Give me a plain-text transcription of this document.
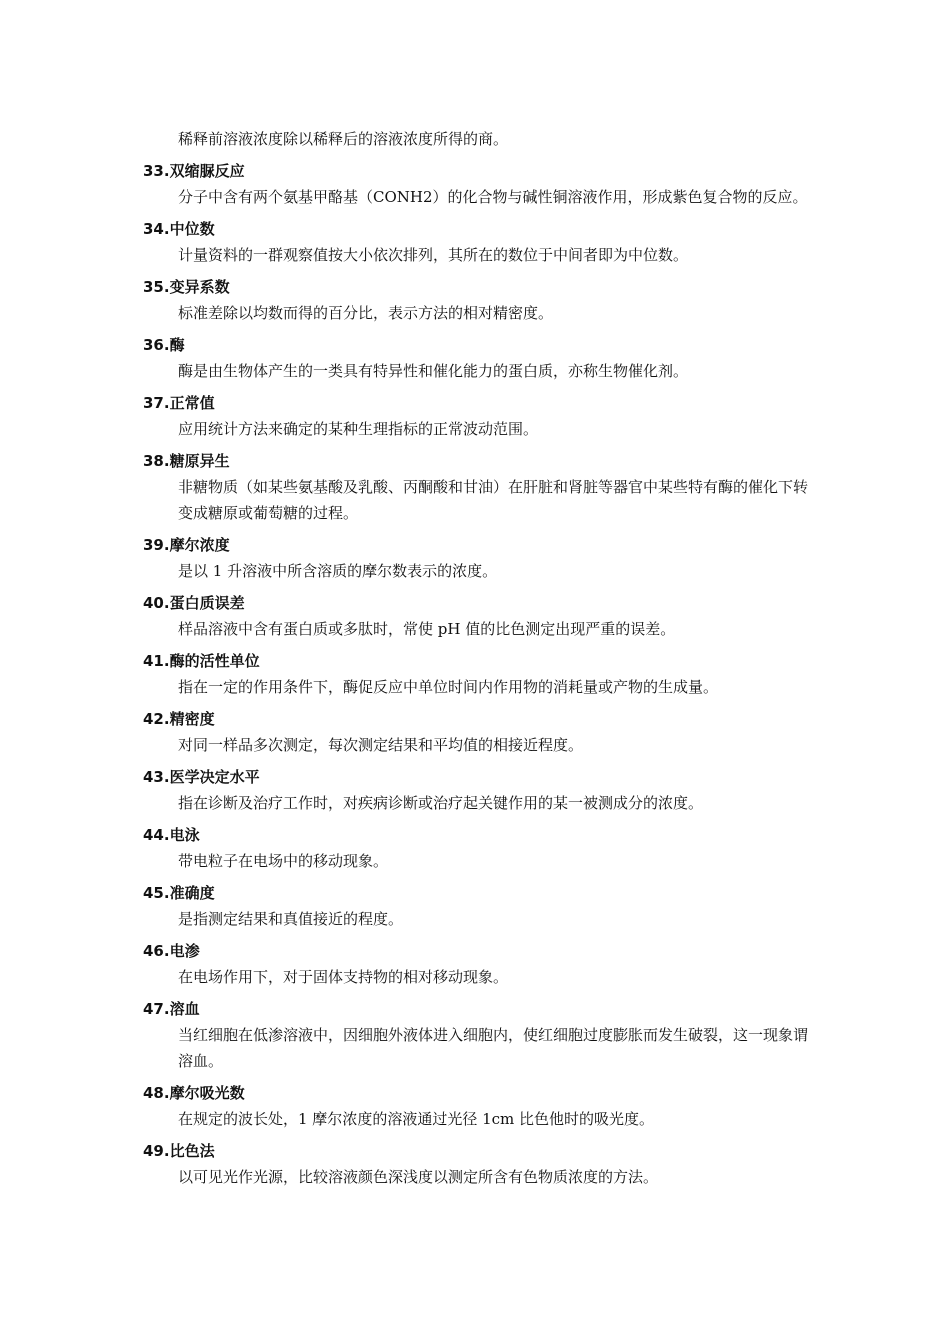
稀释前溶液浓度除以稀释后的溶液浓度所得的商。
33.双缩脲反应
分子中含有两个氨基甲酪基（CONH2）的化合物与碱性铜溶液作用，形成紫色复合物的反应。
34.中位数
计量资料的一群观察值按大小依次排列，其所在的数位于中间者即为中位数。
35.变异系数
标准差除以均数而得的百分比，表示方法的相对精密度。
36.酶
酶是由生物体产生的一类具有特异性和催化能力的蛋白质，亦称生物催化剂。
37.正常值
应用统计方法来确定的某种生理指标的正常波动范围。
38.糖原异生
非糖物质（如某些氨基酸及乳酸、丙酮酸和甘油）在肝脏和肾脏等器官中某些特有酶的催化下转变成糖原或葡萄糖的过程。
39.摩尔浓度
是以 1 升溶液中所含溶质的摩尔数表示的浓度。
40.蛋白质误差
样品溶液中含有蛋白质或多肽时，常使 pH 值的比色测定出现严重的误差。
41.酶的活性单位
指在一定的作用条件下，酶促反应中单位时间内作用物的消耗量或产物的生成量。
42.精密度
对同一样品多次测定，每次测定结果和平均值的相接近程度。
43.医学决定水平
指在诊断及治疗工作时，对疾病诊断或治疗起关键作用的某一被测成分的浓度。
44.电泳
带电粒子在电场中的移动现象。
45.准确度
是指测定结果和真值接近的程度。
46.电渗
在电场作用下，对于固体支持物的相对移动现象。
47.溶血
当红细胞在低渗溶液中，因细胞外液体进入细胞内，使红细胞过度膨胀而发生破裂，这一现象谓溶血。
48.摩尔吸光数
在规定的波长处，1 摩尔浓度的溶液通过光径 1cm 比色他时的吸光度。
49.比色法
以可见光作光源，比较溶液颜色深浅度以测定所含有色物质浓度的方法。
